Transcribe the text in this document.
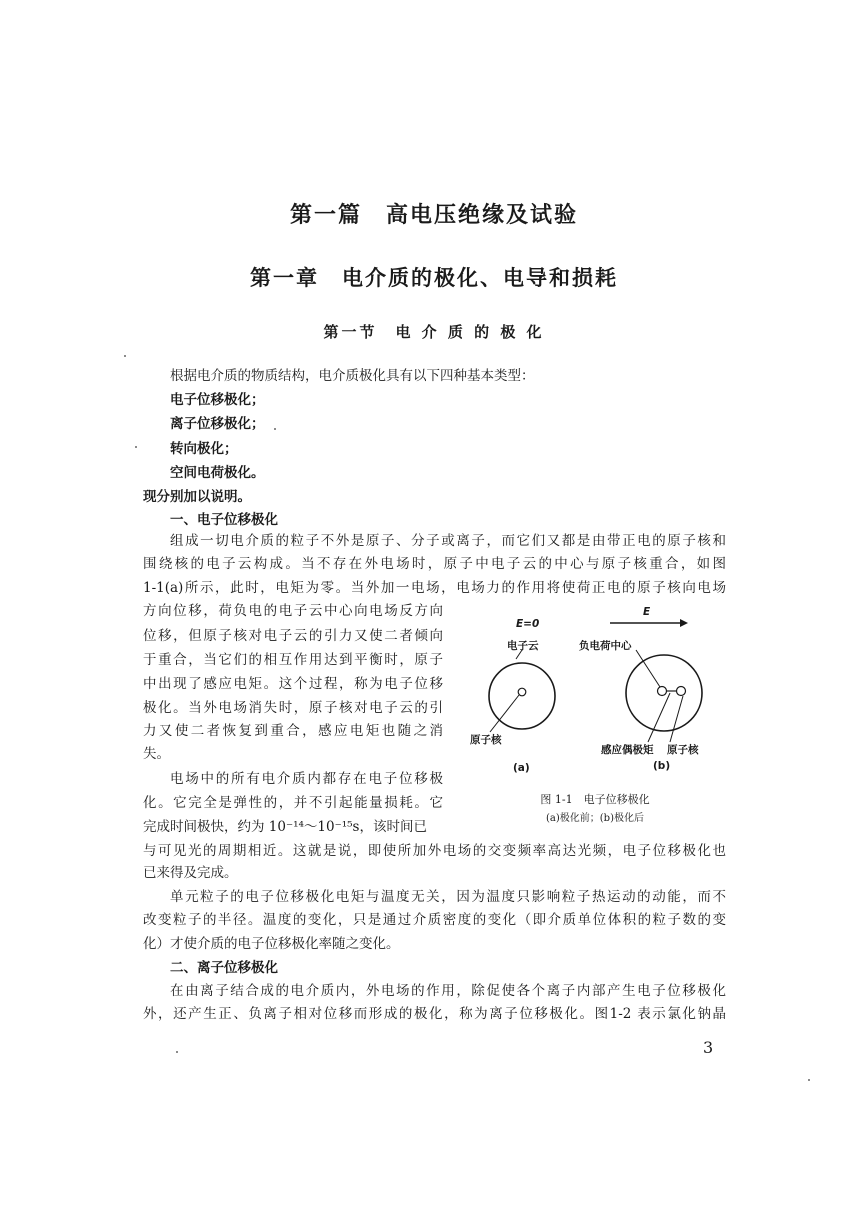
第一篇　高电压绝缘及试验
第一章　电介质的极化、电导和损耗
第一节　电 介 质 的 极 化
根据电介质的物质结构，电介质极化具有以下四种基本类型：
电子位移极化；
离子位移极化；
转向极化；
空间电荷极化。
现分别加以说明。
一、电子位移极化
组成一切电介质的粒子不外是原子、分子或离子，而它们又都是由带正电的原子核和
围绕核的电子云构成。当不存在外电场时，原子中电子云的中心与原子核重合，如图
1-1(a)所示，此时，电矩为零。当外加一电场，电场力的作用将使荷正电的原子核向电场
方向位移，荷负电的电子云中心向电场反方向
位移，但原子核对电子云的引力又使二者倾向
于重合，当它们的相互作用达到平衡时，原子
中出现了感应电矩。这个过程，称为电子位移
极化。当外电场消失时，原子核对电子云的引
力又使二者恢复到重合，感应电矩也随之消
失。
电场中的所有电介质内都存在电子位移极
化。它完全是弹性的，并不引起能量损耗。它
完成时间极快，约为 10⁻¹⁴～10⁻¹⁵s，该时间已
与可见光的周期相近。这就是说，即使所加外电场的交变频率高达光频，电子位移极化也
已来得及完成。
单元粒子的电子位移极化电矩与温度无关，因为温度只影响粒子热运动的动能，而不
改变粒子的半径。温度的变化，只是通过介质密度的变化（即介质单位体积的粒子数的变
化）才使介质的电子位移极化率随之变化。
二、离子位移极化
在由离子结合成的电介质内，外电场的作用，除促使各个离子内部产生电子位移极化
外，还产生正、负离子相对位移而形成的极化，称为离子位移极化。图1-2 表示氯化钠晶
E=0
E
电子云	负电荷中心
原子核
感应偶极矩 原子核
(a)	(b)
图 1-1　电子位移极化
(a)极化前；(b)极化后
3
